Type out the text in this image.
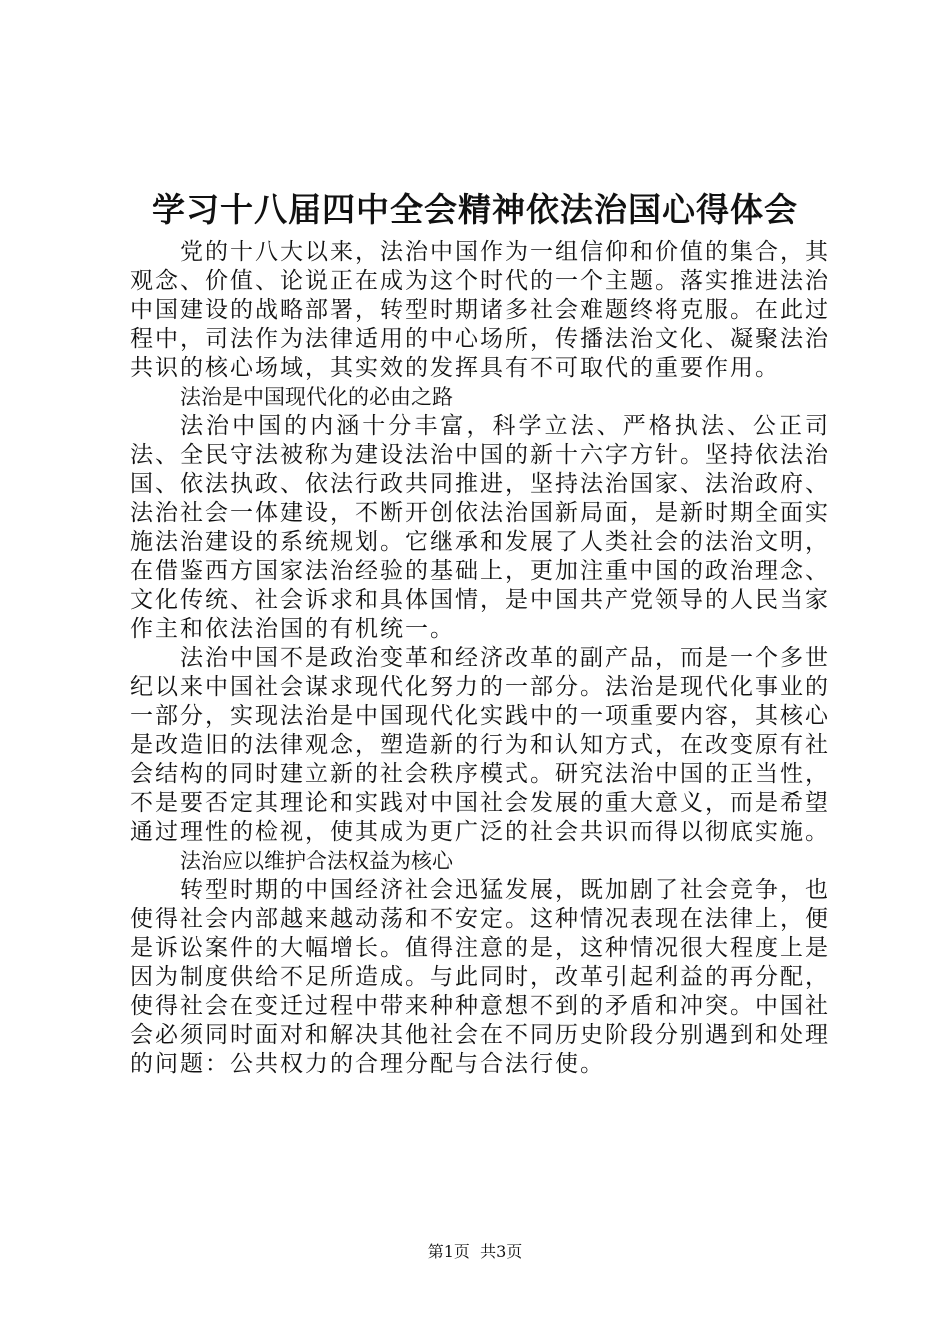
学习十八届四中全会精神依法治国心得体会

党的十八大以来，法治中国作为一组信仰和价值的集合，其观念、价值、论说正在成为这个时代的一个主题。落实推进法治中国建设的战略部署，转型时期诸多社会难题终将克服。在此过程中，司法作为法律适用的中心场所，传播法治文化、凝聚法治共识的核心场域，其实效的发挥具有不可取代的重要作用。

法治是中国现代化的必由之路

法治中国的内涵十分丰富，科学立法、严格执法、公正司法、全民守法被称为建设法治中国的新十六字方针。坚持依法治国、依法执政、依法行政共同推进，坚持法治国家、法治政府、法治社会一体建设，不断开创依法治国新局面，是新时期全面实施法治建设的系统规划。它继承和发展了人类社会的法治文明，在借鉴西方国家法治经验的基础上，更加注重中国的政治理念、文化传统、社会诉求和具体国情，是中国共产党领导的人民当家作主和依法治国的有机统一。

法治中国不是政治变革和经济改革的副产品，而是一个多世纪以来中国社会谋求现代化努力的一部分。法治是现代化事业的一部分，实现法治是中国现代化实践中的一项重要内容，其核心是改造旧的法律观念，塑造新的行为和认知方式，在改变原有社会结构的同时建立新的社会秩序模式。研究法治中国的正当性，不是要否定其理论和实践对中国社会发展的重大意义，而是希望通过理性的检视，使其成为更广泛的社会共识而得以彻底实施。

法治应以维护合法权益为核心

转型时期的中国经济社会迅猛发展，既加剧了社会竞争，也使得社会内部越来越动荡和不安定。这种情况表现在法律上，便是诉讼案件的大幅增长。值得注意的是，这种情况很大程度上是因为制度供给不足所造成。与此同时，改革引起利益的再分配，使得社会在变迁过程中带来种种意想不到的矛盾和冲突。中国社会必须同时面对和解决其他社会在不同历史阶段分别遇到和处理的问题：公共权力的合理分配与合法行使。

第1页  共3页
